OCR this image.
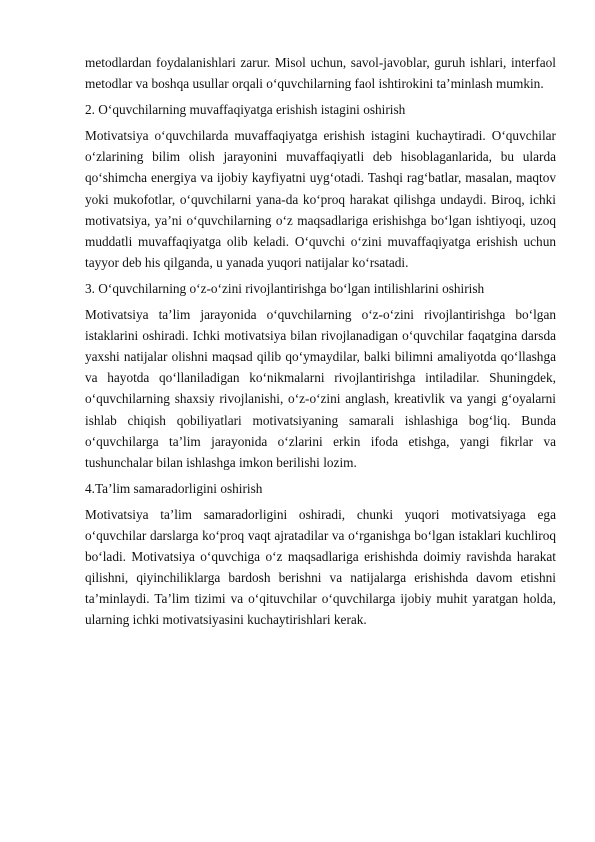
metodlardan foydalanishlari zarur. Misol uchun, savol-javoblar, guruh ishlari, interfaol metodlar va boshqa usullar orqali o‘quvchilarning faol ishtirokini ta’minlash mumkin.

2. O‘quvchilarning muvaffaqiyatga erishish istagini oshirish

Motivatsiya o‘quvchilarda muvaffaqiyatga erishish istagini kuchaytiradi. O‘quvchilar o‘zlarining bilim olish jarayonini muvaffaqiyatli deb hisoblaganlarida, bu ularda qo‘shimcha energiya va ijobiy kayfiyatni uyg‘otadi. Tashqi rag‘batlar, masalan, maqtov yoki mukofotlar, o‘quvchilarni yana-da ko‘proq harakat qilishga undaydi. Biroq, ichki motivatsiya, ya’ni o‘quvchilarning o‘z maqsadlariga erishishga bo‘lgan ishtiyoqi, uzoq muddatli muvaffaqiyatga olib keladi. O‘quvchi o‘zini muvaffaqiyatga erishish uchun tayyor deb his qilganda, u yanada yuqori natijalar ko‘rsatadi.

3. O‘quvchilarning o‘z-o‘zini rivojlantirishga bo‘lgan intilishlarini oshirish

Motivatsiya ta’lim jarayonida o‘quvchilarning o‘z-o‘zini rivojlantirishga bo‘lgan istaklarini oshiradi. Ichki motivatsiya bilan rivojlanadigan o‘quvchilar faqatgina darsda yaxshi natijalar olishni maqsad qilib qo‘ymaydilar, balki bilimni amaliyotda qo‘llashga va hayotda qo‘llaniladigan ko‘nikmalarni rivojlantirishga intiladilar. Shuningdek, o‘quvchilarning shaxsiy rivojlanishi, o‘z-o‘zini anglash, kreativlik va yangi g‘oyalarni ishlab chiqish qobiliyatlari motivatsiyaning samarali ishlashiga bog‘liq. Bunda o‘quvchilarga ta’lim jarayonida o‘zlarini erkin ifoda etishga, yangi fikrlar va tushunchalar bilan ishlashga imkon berilishi lozim.

4.Ta’lim samaradorligini oshirish

Motivatsiya ta’lim samaradorligini oshiradi, chunki yuqori motivatsiyaga ega o‘quvchilar darslarga ko‘proq vaqt ajratadilar va o‘rganishga bo‘lgan istaklari kuchliroq bo‘ladi. Motivatsiya o‘quvchiga o‘z maqsadlariga erishishda doimiy ravishda harakat qilishni, qiyinchiliklarga bardosh berishni va natijalarga erishishda davom etishni ta’minlaydi. Ta’lim tizimi va o‘qituvchilar o‘quvchilarga ijobiy muhit yaratgan holda, ularning ichki motivatsiyasini kuchaytirishlari kerak.
